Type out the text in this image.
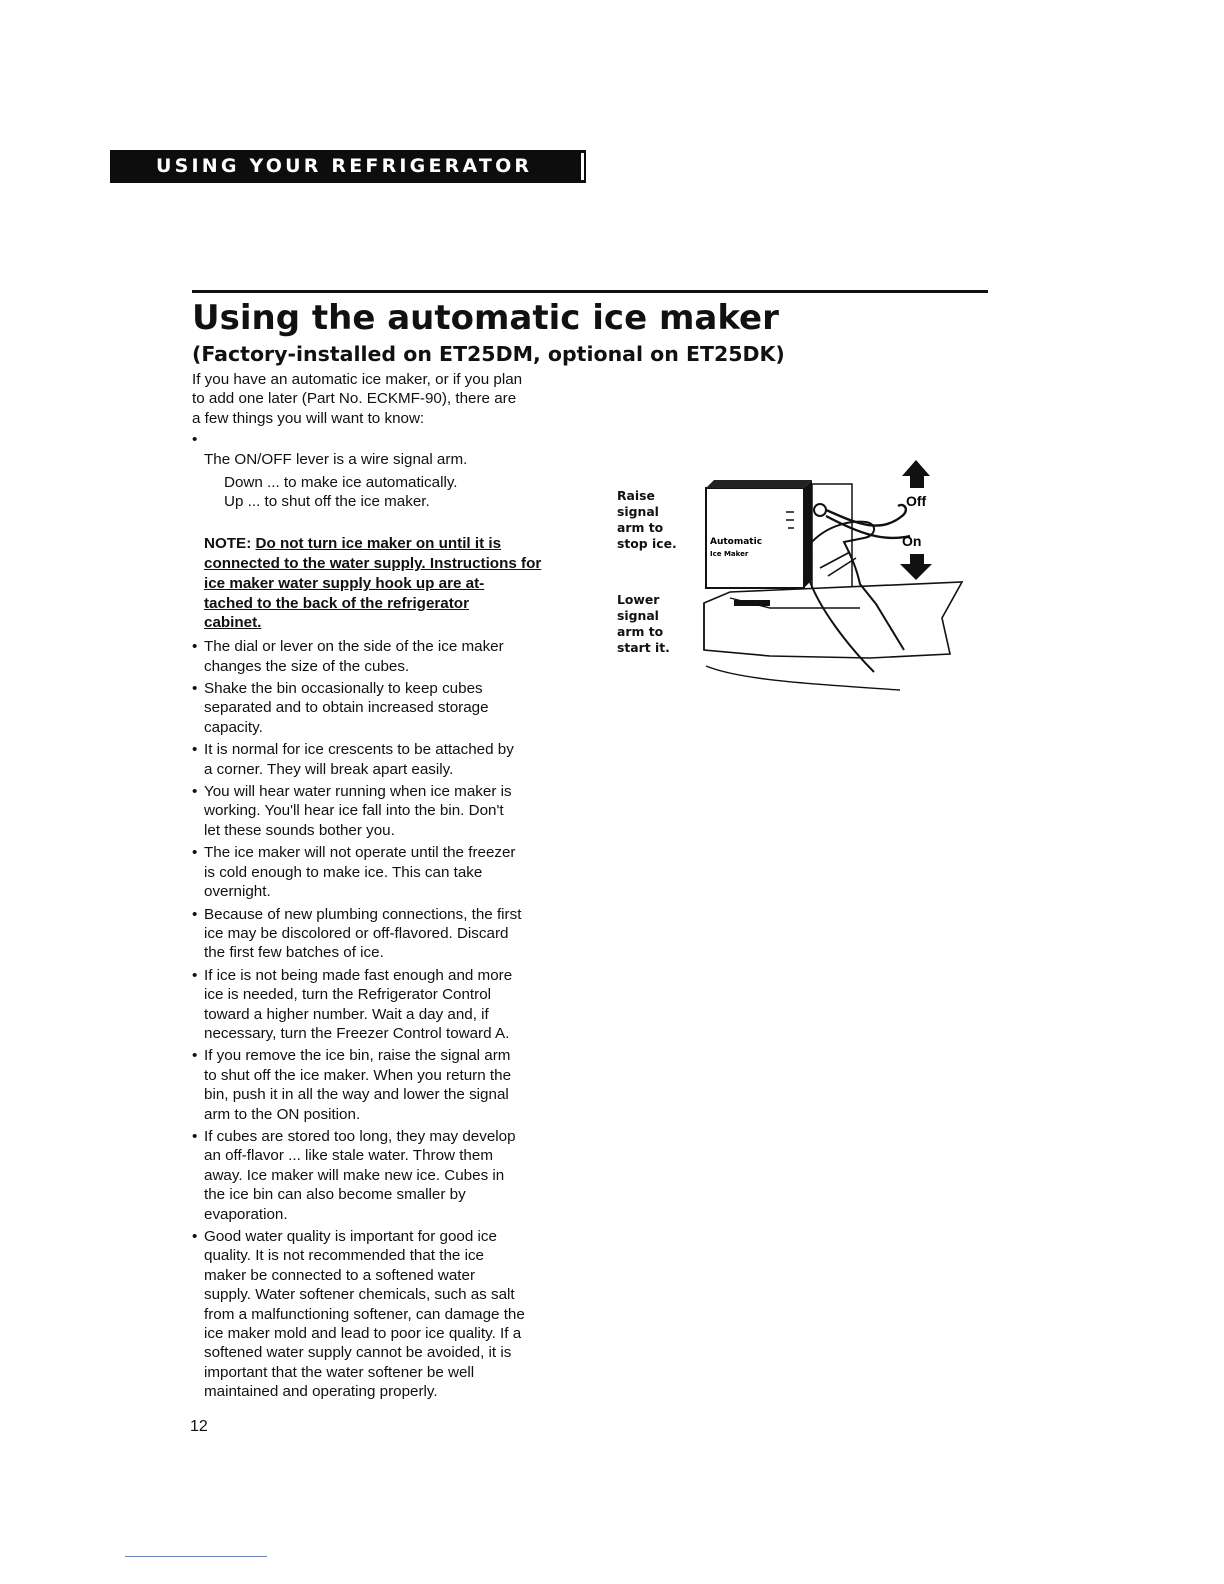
USING YOUR REFRIGERATOR
Using the automatic ice maker
(Factory-installed on ET25DM, optional on ET25DK)

If you have an automatic ice maker, or if you plan
to add one later (Part No. ECKMF-90), there are
a few things you will want to know:

• The ON/OFF lever is a wire signal arm.

Down ... to make ice automatically.
Up ... to shut off the ice maker.

NOTE: Do not turn ice maker on until it is
connected to the water supply. Instructions for
ice maker water supply hook up are at-
tached to the back of the refrigerator
cabinet.
• The dial or lever on the side of the ice maker
changes the size of the cubes.
• Shake the bin occasionally to keep cubes
separated and to obtain increased storage
capacity.
• It is normal for ice crescents to be attached by
a corner. They will break apart easily.
• You will hear water running when ice maker is
working. You'll hear ice fall into the bin. Don't
let these sounds bother you.
• The ice maker will not operate until the freezer
is cold enough to make ice. This can take
overnight.
• Because of new plumbing connections, the first
ice may be discolored or off-flavored. Discard
the first few batches of ice.
• If ice is not being made fast enough and more
ice is needed, turn the Refrigerator Control
toward a higher number. Wait a day and, if
necessary, turn the Freezer Control toward A.
• If you remove the ice bin, raise the signal arm
to shut off the ice maker. When you return the
bin, push it in all the way and lower the signal
arm to the ON position.
• If cubes are stored too long, they may develop
an off-flavor ... like stale water. Throw them
away. Ice maker will make new ice. Cubes in
the ice bin can also become smaller by
evaporation.
• Good water quality is important for good ice
quality. It is not recommended that the ice
maker be connected to a softened water
supply. Water softener chemicals, such as salt
from a malfunctioning softener, can damage the
ice maker mold and lead to poor ice quality. If a
softened water supply cannot be avoided, it is
important that the water softener be well
maintained and operating properly.
Raise
signal
arm to
stop ice.
Lower
signal
arm to
start it.
Automatic
Ice Maker
Off
On
12
